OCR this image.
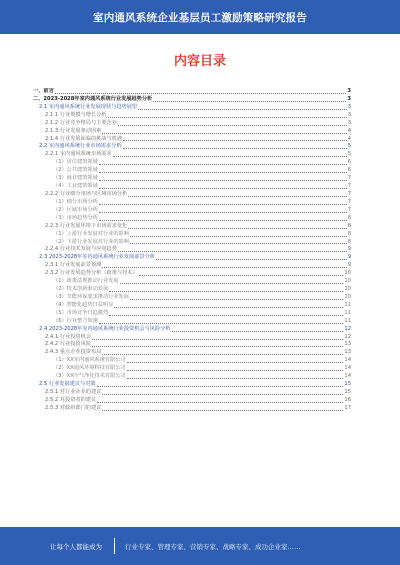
室内通风系统企业基层员工激励策略研究报告
内容目录
一、前言	3
二、2023-2028年室内通风系统行业发展趋势分析	3
2.1 室内通风系统行业发展现状与趋势展望	3
2.1.1 行业规模与增长分析	3
2.1.2 行业竞争格局与主要企业	3
2.1.3 行业发展驱动因素	4
2.1.4 行业发展面临的挑战与机遇	4
2.2 室内通风系统行业市场需求分析	5
2.2.1 室内通风系统市场需求	5
（1）居住建筑领域	6
（2）公共建筑领域	6
（3）商业建筑领域	7
（4）工业建筑领域	7
2.2.2 行业细分市场与区域市场分析	7
（1）细分市场分析	7
（2）区域市场分析	7
（3）市场趋势分析	8
2.2.3 行业发展环境下市场需求变化	8
（1）上游行业发展对行业的影响	8
（2）下游行业发展对行业的影响	8
2.2.4 行业技术发展与应用趋势	9
2.3 2023-2028年室内通风系统行业发展前景分析	9
2.3.1 行业发展前景预测	9
2.3.2 行业发展趋势分析（政策与技术）	10
（1）政策法规推动行业发展	10
（2）技术创新驱动发展	10
（3）节能环保要求推动行业发展	10
（4）智能化趋势日益明显	11
（5）市场竞争日趋激烈	11
（6）行业整合加速	11
2.4 2023-2028年室内通风系统行业投资机会与风险分析	12
2.4.1 行业投资机会	12
2.4.2 行业投资风险	13
2.4.3 重点企业投资布局	13
（1）XX室内通风系统有限公司	14
（2）XX通风环境科技有限公司	14
（3）XX空气净化技术有限公司	14
2.5 行业发展建议与对策	15
2.5.1 对行业企业的建议	15
2.5.2 对投资者的建议	16
2.5.3 对政府部门的建议	17
让每个人都能成为	行业专家、管理专家、营销专家、战略专家、成功企业家……
